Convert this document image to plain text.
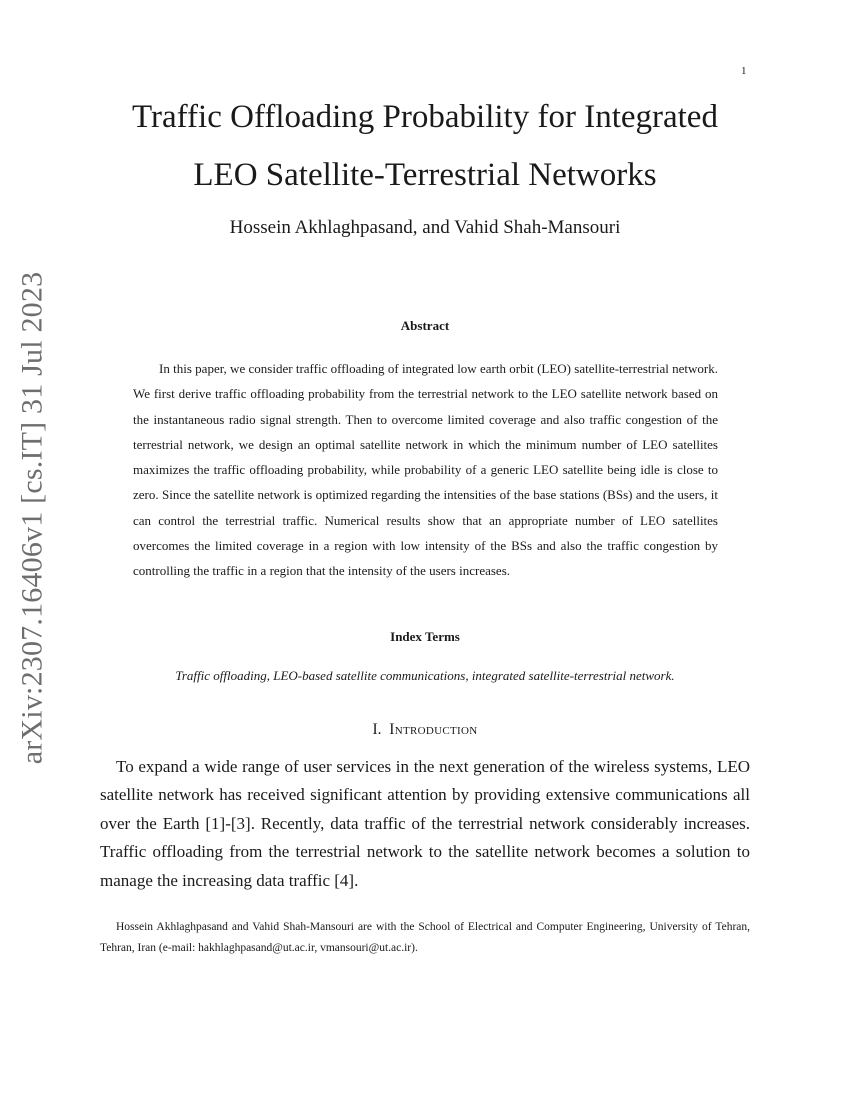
1
arXiv:2307.16406v1 [cs.IT] 31 Jul 2023
Traffic Offloading Probability for Integrated
LEO Satellite-Terrestrial Networks
Hossein Akhlaghpasand, and Vahid Shah-Mansouri
Abstract

In this paper, we consider traffic offloading of integrated low earth orbit (LEO) satellite-terrestrial network. We first derive traffic offloading probability from the terrestrial network to the LEO satellite network based on the instantaneous radio signal strength. Then to overcome limited coverage and also traffic congestion of the terrestrial network, we design an optimal satellite network in which the minimum number of LEO satellites maximizes the traffic offloading probability, while probability of a generic LEO satellite being idle is close to zero. Since the satellite network is optimized regarding the intensities of the base stations (BSs) and the users, it can control the terrestrial traffic. Numerical results show that an appropriate number of LEO satellites overcomes the limited coverage in a region with low intensity of the BSs and also the traffic congestion by controlling the traffic in a region that the intensity of the users increases.

Index Terms
Traffic offloading, LEO-based satellite communications, integrated satellite-terrestrial network.
I. Introduction

To expand a wide range of user services in the next generation of the wireless systems, LEO satellite network has received significant attention by providing extensive communications all over the Earth [1]-[3]. Recently, data traffic of the terrestrial network considerably increases. Traffic offloading from the terrestrial network to the satellite network becomes a solution to manage the increasing data traffic [4].

Hossein Akhlaghpasand and Vahid Shah-Mansouri are with the School of Electrical and Computer Engineering, University of Tehran, Tehran, Iran (e-mail: hakhlaghpasand@ut.ac.ir, vmansouri@ut.ac.ir).
